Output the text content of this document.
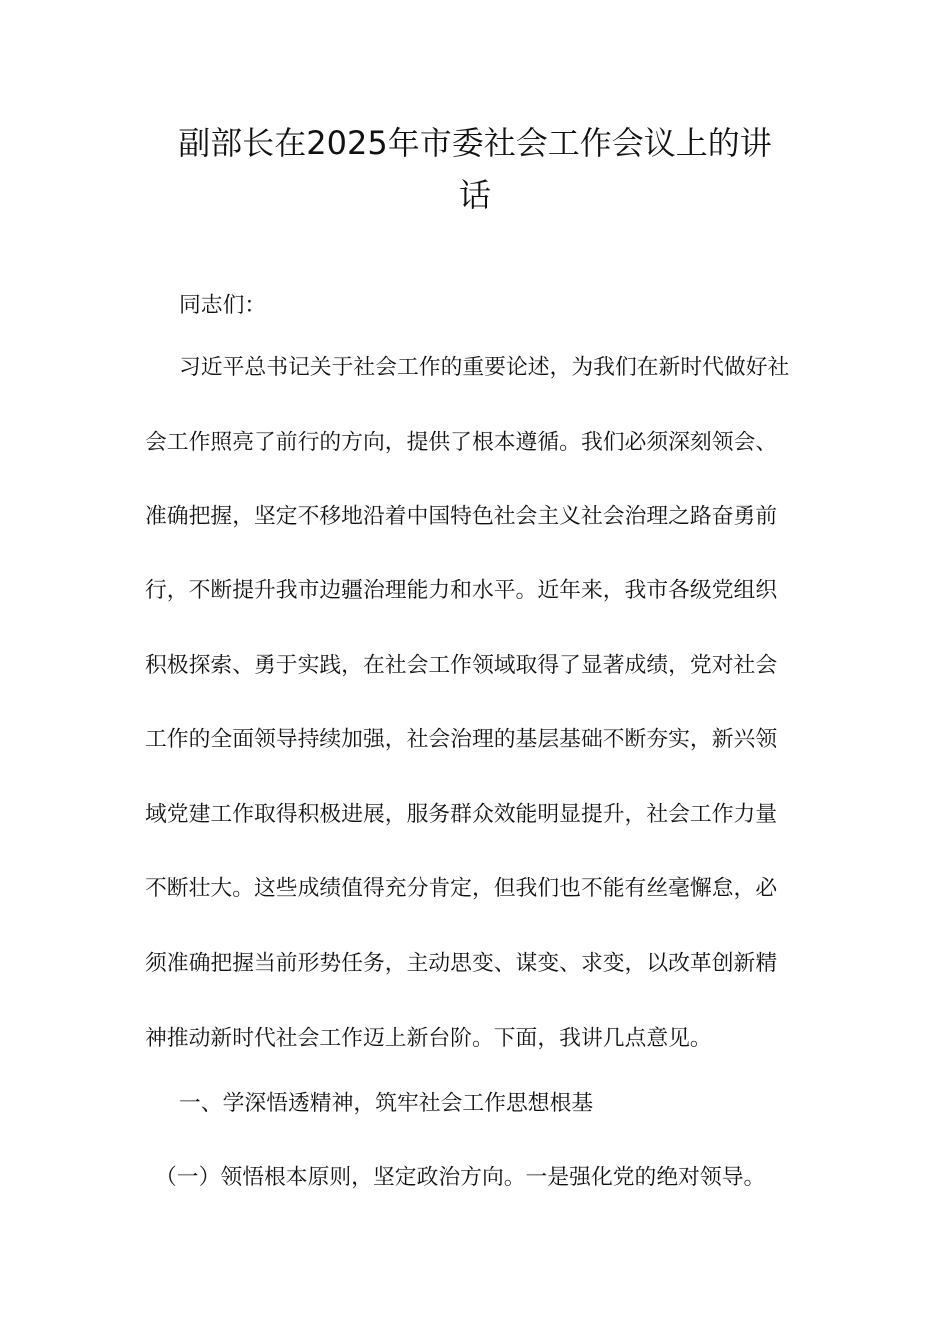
副部长在2025年市委社会工作会议上的讲
话
同志们：
习近平总书记关于社会工作的重要论述，为我们在新时代做好社
会工作照亮了前行的方向，提供了根本遵循。我们必须深刻领会、
准确把握，坚定不移地沿着中国特色社会主义社会治理之路奋勇前
行，不断提升我市边疆治理能力和水平。近年来，我市各级党组织
积极探索、勇于实践，在社会工作领域取得了显著成绩，党对社会
工作的全面领导持续加强，社会治理的基层基础不断夯实，新兴领
域党建工作取得积极进展，服务群众效能明显提升，社会工作力量
不断壮大。这些成绩值得充分肯定，但我们也不能有丝毫懈怠，必
须准确把握当前形势任务，主动思变、谋变、求变，以改革创新精
神推动新时代社会工作迈上新台阶。下面，我讲几点意见。
一、学深悟透精神，筑牢社会工作思想根基
（一）领悟根本原则，坚定政治方向。一是强化党的绝对领导。
